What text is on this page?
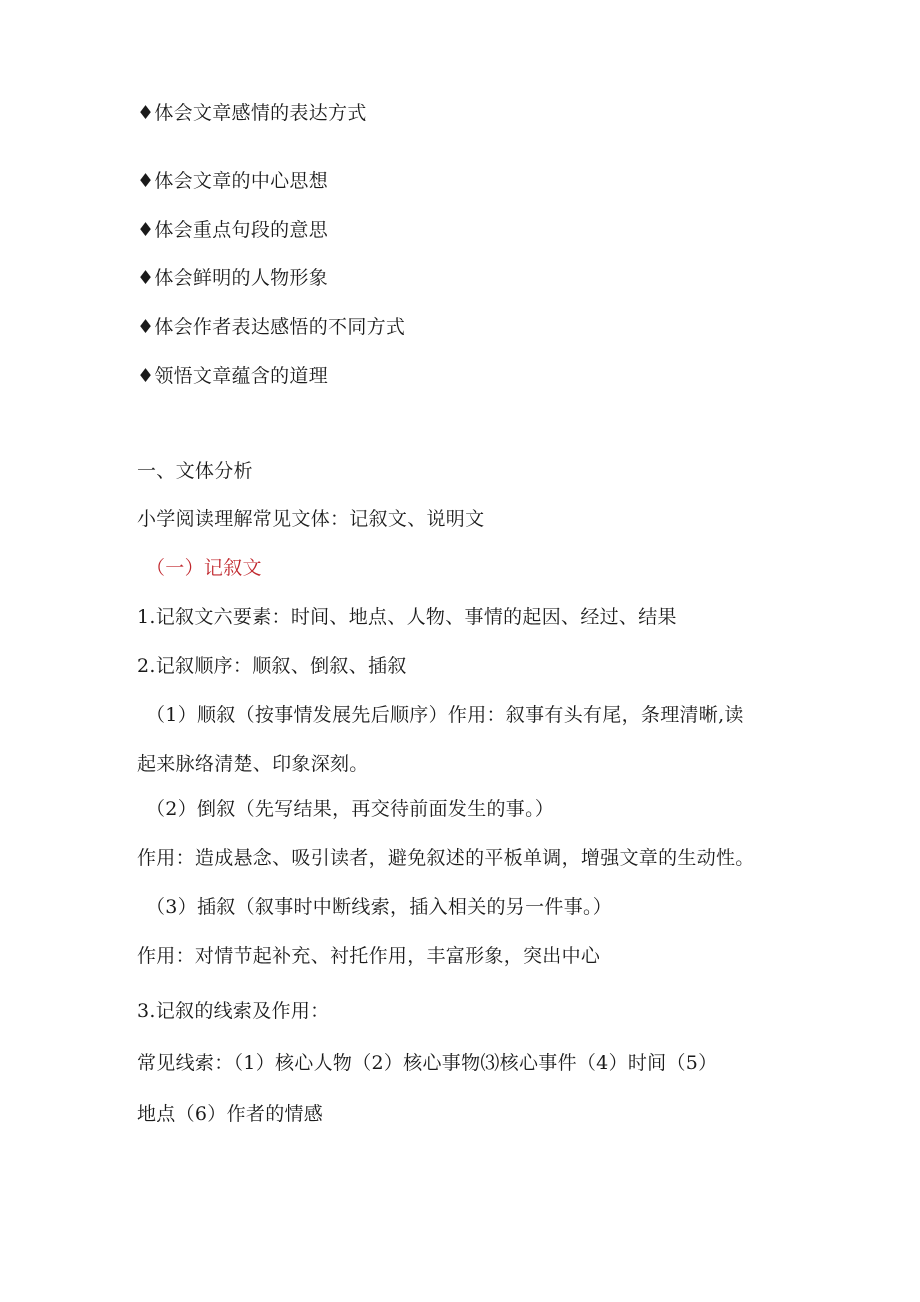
♦体会文章感情的表达方式
♦体会文章的中心思想
♦体会重点句段的意思
♦体会鲜明的人物形象
♦体会作者表达感悟的不同方式
♦领悟文章蕴含的道理
一、文体分析
小学阅读理解常见文体：记叙文、说明文
（一）记叙文
1.记叙文六要素：时间、地点、人物、事情的起因、经过、结果
2.记叙顺序：顺叙、倒叙、插叙
（1）顺叙（按事情发展先后顺序）作用：叙事有头有尾，条理清晰,读
起来脉络清楚、印象深刻。
（2）倒叙（先写结果，再交待前面发生的事。）
作用：造成悬念、吸引读者，避免叙述的平板单调，增强文章的生动性。
（3）插叙（叙事时中断线索，插入相关的另一件事。）
作用：对情节起补充、衬托作用，丰富形象，突出中心
3.记叙的线索及作用：
常见线索：（1）核心人物（2）核心事物⑶核心事件（4）时间（5）
地点（6）作者的情感
